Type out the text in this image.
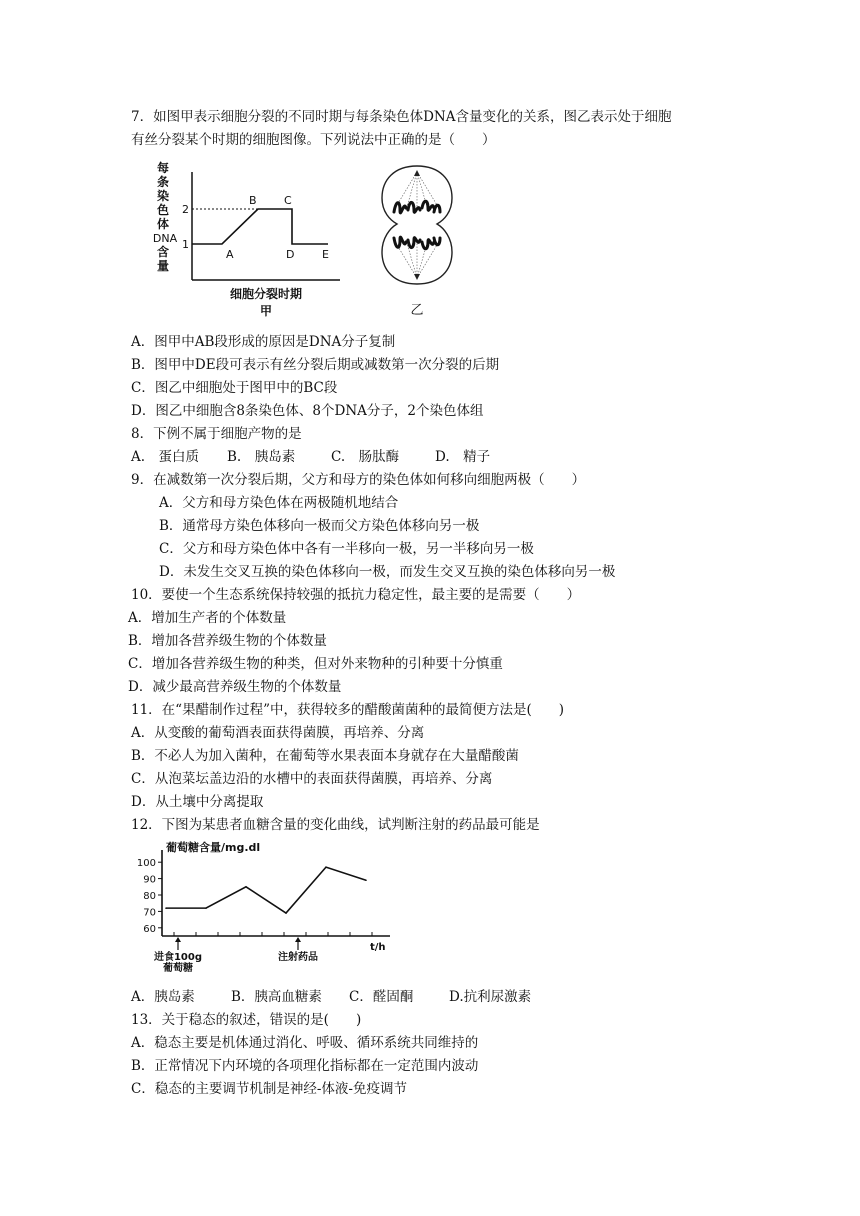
7．如图甲表示细胞分裂的不同时期与每条染色体DNA含量变化的关系，图乙表示处于细胞
有丝分裂某个时期的细胞图像。下列说法中正确的是（　　）
每
条
染
色
体
DNA
含
量
2
1
A
B C
D	E
细胞分裂时期
甲	乙
A．图甲中AB段形成的原因是DNA分子复制
B．图甲中DE段可表示有丝分裂后期或减数第一次分裂的后期
C．图乙中细胞处于图甲中的BC段
D．图乙中细胞含8条染色体、8个DNA分子，2个染色体组
8．下例不属于细胞产物的是
A.　蛋白质 B.　胰岛素	C.　肠肽酶	D.　精子
9．在减数第一次分裂后期，父方和母方的染色体如何移向细胞两极（　　）
A．父方和母方染色体在两极随机地结合
B．通常母方染色体移向一极而父方染色体移向另一极
C．父方和母方染色体中各有一半移向一极，另一半移向另一极
D．未发生交叉互换的染色体移向一极，而发生交叉互换的染色体移向另一极
10．要使一个生态系统保持较强的抵抗力稳定性，最主要的是需要（　　）
A．增加生产者的个体数量
B．增加各营养级生物的个体数量
C．增加各营养级生物的种类，但对外来物种的引种要十分慎重
D．减少最高营养级生物的个体数量
11．在“果醋制作过程”中，获得较多的醋酸菌菌种的最简便方法是(　　)
A．从变酸的葡萄酒表面获得菌膜，再培养、分离
B．不必人为加入菌种，在葡萄等水果表面本身就存在大量醋酸菌
C．从泡菜坛盖边沿的水槽中的表面获得菌膜，再培养、分离
D．从土壤中分离提取
12．下图为某患者血糖含量的变化曲线，试判断注射的药品最可能是
葡萄糖含量/mg.dl
60
70
80
90
100
t/h
进食100g
葡萄糖
注射药品
A．胰岛素	B．胰高血糖素 C．醛固酮	D.抗利尿激素
13．关于稳态的叙述，错误的是(　　)
A．稳态主要是机体通过消化、呼吸、循环系统共同维持的
B．正常情况下内环境的各项理化指标都在一定范围内波动
C．稳态的主要调节机制是神经-体液-免疫调节
